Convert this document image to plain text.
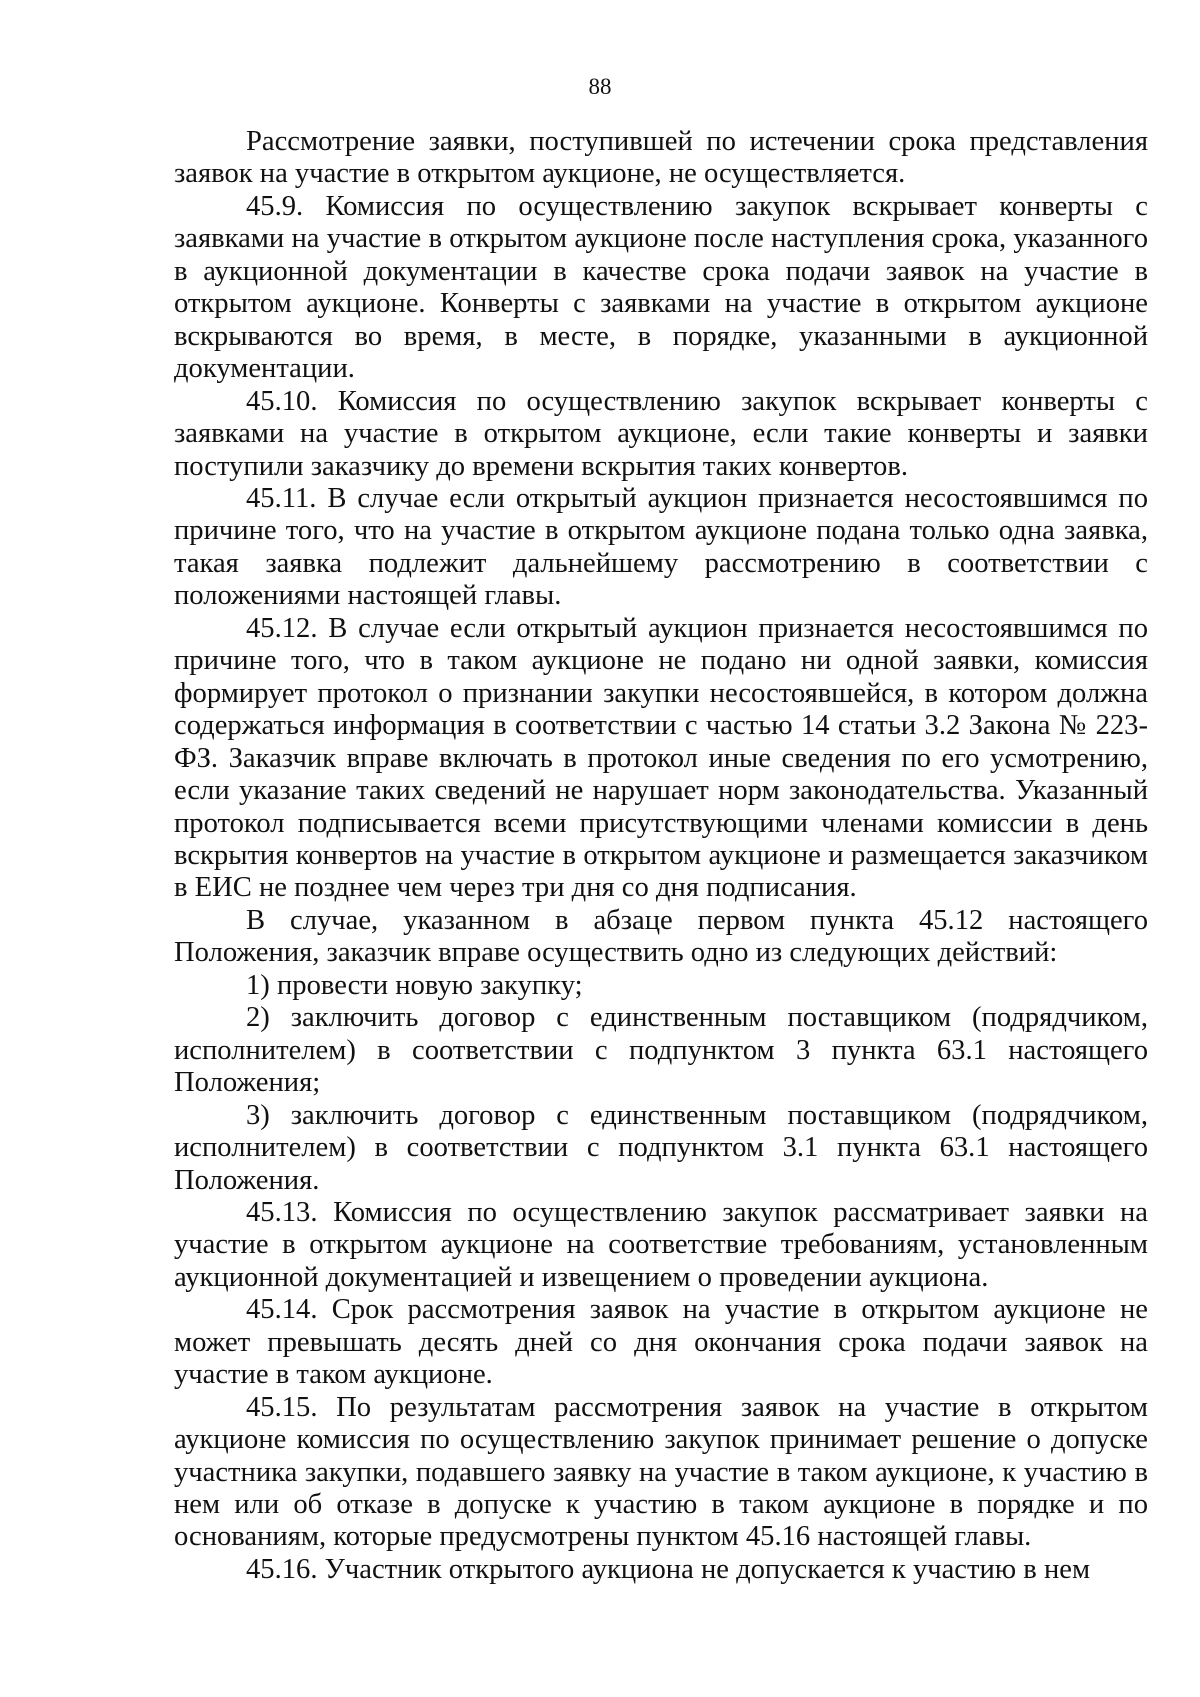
88

Рассмотрение заявки, поступившей по истечении срока представления заявок на участие в открытом аукционе, не осуществляется.

45.9. Комиссия по осуществлению закупок вскрывает конверты с заявками на участие в открытом аукционе после наступления срока, указанного в аукционной документации в качестве срока подачи заявок на участие в открытом аукционе. Конверты с заявками на участие в открытом аукционе вскрываются во время, в месте, в порядке, указанными в аукционной документации.

45.10. Комиссия по осуществлению закупок вскрывает конверты с заявками на участие в открытом аукционе, если такие конверты и заявки поступили заказчику до времени вскрытия таких конвертов.

45.11. В случае если открытый аукцион признается несостоявшимся по причине того, что на участие в открытом аукционе подана только одна заявка, такая заявка подлежит дальнейшему рассмотрению в соответствии с положениями настоящей главы.

45.12. В случае если открытый аукцион признается несостоявшимся по причине того, что в таком аукционе не подано ни одной заявки, комиссия формирует протокол о признании закупки несостоявшейся, в котором должна содержаться информация в соответствии с частью 14 статьи 3.2 Закона № 223-ФЗ. Заказчик вправе включать в протокол иные сведения по его усмотрению, если указание таких сведений не нарушает норм законодательства. Указанный протокол подписывается всеми присутствующими членами комиссии в день вскрытия конвертов на участие в открытом аукционе и размещается заказчиком в ЕИС не позднее чем через три дня со дня подписания.

В случае, указанном в абзаце первом пункта 45.12 настоящего Положения, заказчик вправе осуществить одно из следующих действий:

1) провести новую закупку;

2) заключить договор с единственным поставщиком (подрядчиком, исполнителем) в соответствии с подпунктом 3 пункта 63.1 настоящего Положения;

3) заключить договор с единственным поставщиком (подрядчиком, исполнителем) в соответствии с подпунктом 3.1 пункта 63.1 настоящего Положения.

45.13. Комиссия по осуществлению закупок рассматривает заявки на участие в открытом аукционе на соответствие требованиям, установленным аукционной документацией и извещением о проведении аукциона.

45.14. Срок рассмотрения заявок на участие в открытом аукционе не может превышать десять дней со дня окончания срока подачи заявок на участие в таком аукционе.

45.15. По результатам рассмотрения заявок на участие в открытом аукционе комиссия по осуществлению закупок принимает решение о допуске участника закупки, подавшего заявку на участие в таком аукционе, к участию в нем или об отказе в допуске к участию в таком аукционе в порядке и по основаниям, которые предусмотрены пунктом 45.16 настоящей главы.

45.16. Участник открытого аукциона не допускается к участию в нем
